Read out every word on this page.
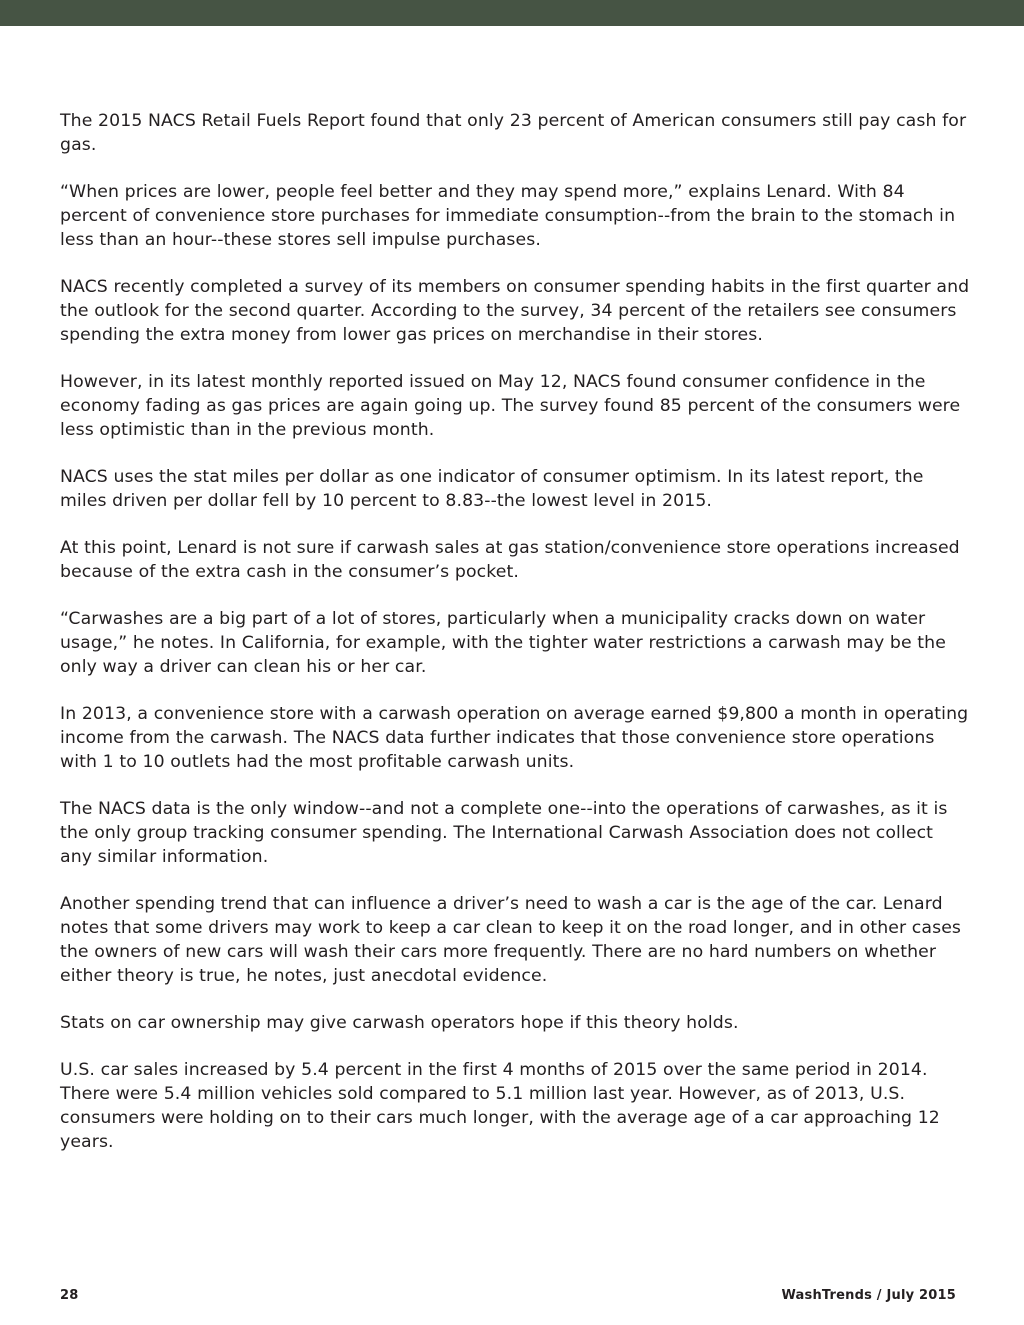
The 2015 NACS Retail Fuels Report found that only 23 percent of American consumers still pay cash for gas.

“When prices are lower, people feel better and they may spend more,” explains Lenard. With 84 percent of convenience store purchases for immediate consumption--from the brain to the stomach in less than an hour--these stores sell impulse purchases.

NACS recently completed a survey of its members on consumer spending habits in the first quarter and the outlook for the second quarter. According to the survey, 34 percent of the retailers see consumers spending the extra money from lower gas prices on merchandise in their stores.

However, in its latest monthly reported issued on May 12, NACS found consumer confidence in the economy fading as gas prices are again going up. The survey found 85 percent of the consumers were less optimistic than in the previous month.

NACS uses the stat miles per dollar as one indicator of consumer optimism. In its latest report, the miles driven per dollar fell by 10 percent to 8.83--the lowest level in 2015.

At this point, Lenard is not sure if carwash sales at gas station/convenience store operations increased because of the extra cash in the consumer’s pocket.

“Carwashes are a big part of a lot of stores, particularly when a municipality cracks down on water usage,” he notes. In California, for example, with the tighter water restrictions a carwash may be the only way a driver can clean his or her car.

In 2013, a convenience store with a carwash operation on average earned $9,800 a month in operating income from the carwash. The NACS data further indicates that those convenience store operations with 1 to 10 outlets had the most profitable carwash units.

The NACS data is the only window--and not a complete one--into the operations of carwashes, as it is the only group tracking consumer spending. The International Carwash Association does not collect any similar information.

Another spending trend that can influence a driver’s need to wash a car is the age of the car. Lenard notes that some drivers may work to keep a car clean to keep it on the road longer, and in other cases the owners of new cars will wash their cars more frequently. There are no hard numbers on whether either theory is true, he notes, just anecdotal evidence.

Stats on car ownership may give carwash operators hope if this theory holds.

U.S. car sales increased by 5.4 percent in the first 4 months of 2015 over the same period in 2014. There were 5.4 million vehicles sold compared to 5.1 million last year. However, as of 2013, U.S. consumers were holding on to their cars much longer, with the average age of a car approaching 12 years.

28	WashTrends / July 2015
